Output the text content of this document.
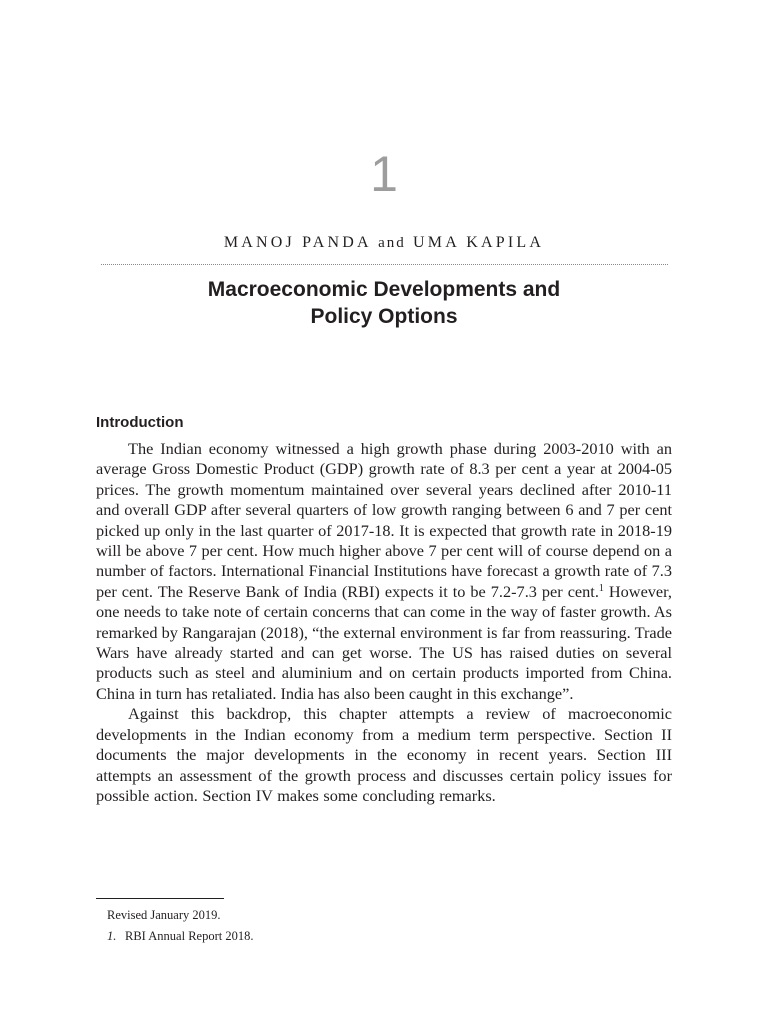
1
MANOJ PANDA and UMA KAPILA
Macroeconomic Developments and
Policy Options
Introduction

The Indian economy witnessed a high growth phase during 2003-2010 with an average Gross Domestic Product (GDP) growth rate of 8.3 per cent a year at 2004-05 prices. The growth momentum maintained over several years declined after 2010-11 and overall GDP after several quarters of low growth ranging between 6 and 7 per cent picked up only in the last quarter of 2017-18. It is expected that growth rate in 2018-19 will be above 7 per cent. How much higher above 7 per cent will of course depend on a number of factors. International Financial Institutions have forecast a growth rate of 7.3 per cent. The Reserve Bank of India (RBI) expects it to be 7.2-7.3 per cent.$^1$ However, one needs to take note of certain concerns that can come in the way of faster growth. As remarked by Rangarajan (2018), “the external environment is far from reassuring. Trade Wars have already started and can get worse. The US has raised duties on several products such as steel and aluminium and on certain products imported from China. China in turn has retaliated. India has also been caught in this exchange”.

Against this backdrop, this chapter attempts a review of macroeconomic developments in the Indian economy from a medium term perspective. Section II documents the major developments in the economy in recent years. Section III attempts an assessment of the growth process and discusses certain policy issues for possible action. Section IV makes some concluding remarks.

Revised January 2019.
1. RBI Annual Report 2018.
